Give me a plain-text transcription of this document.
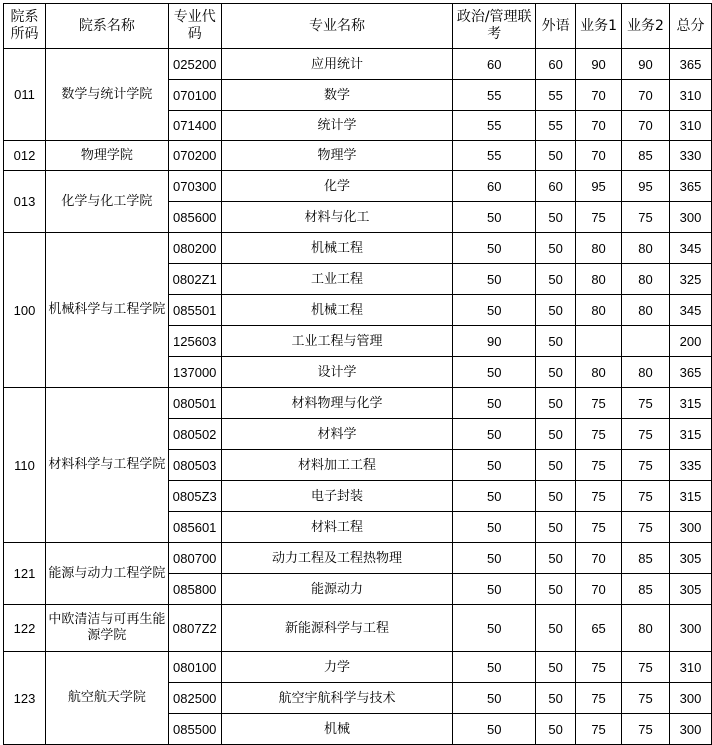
院系所码	院系名称	专业代码	专业名称	政治/管理联考	外语	业务1	业务2	总分
011	数学与统计学院	025200	应用统计	60	60	90	90	365
		070100	数学	55	55	70	70	310
		071400	统计学	55	55	70	70	310
012	物理学院	070200	物理学	55	50	70	85	330
013	化学与化工学院	070300	化学	60	60	95	95	365
		085600	材料与化工	50	50	75	75	300
100	机械科学与工程学院	080200	机械工程	50	50	80	80	345
		0802Z1	工业工程	50	50	80	80	325
		085501	机械工程	50	50	80	80	345
		125603	工业工程与管理	90	50			200
		137000	设计学	50	50	80	80	365
110	材料科学与工程学院	080501	材料物理与化学	50	50	75	75	315
		080502	材料学	50	50	75	75	315
		080503	材料加工工程	50	50	75	75	335
		0805Z3	电子封装	50	50	75	75	315
		085601	材料工程	50	50	75	75	300
121	能源与动力工程学院	080700	动力工程及工程热物理	50	50	70	85	305
		085800	能源动力	50	50	70	85	305
122	中欧清洁与可再生能源学院	0807Z2	新能源科学与工程	50	50	65	80	300
123	航空航天学院	080100	力学	50	50	75	75	310
		082500	航空宇航科学与技术	50	50	75	75	300
		085500	机械	50	50	75	75	300
